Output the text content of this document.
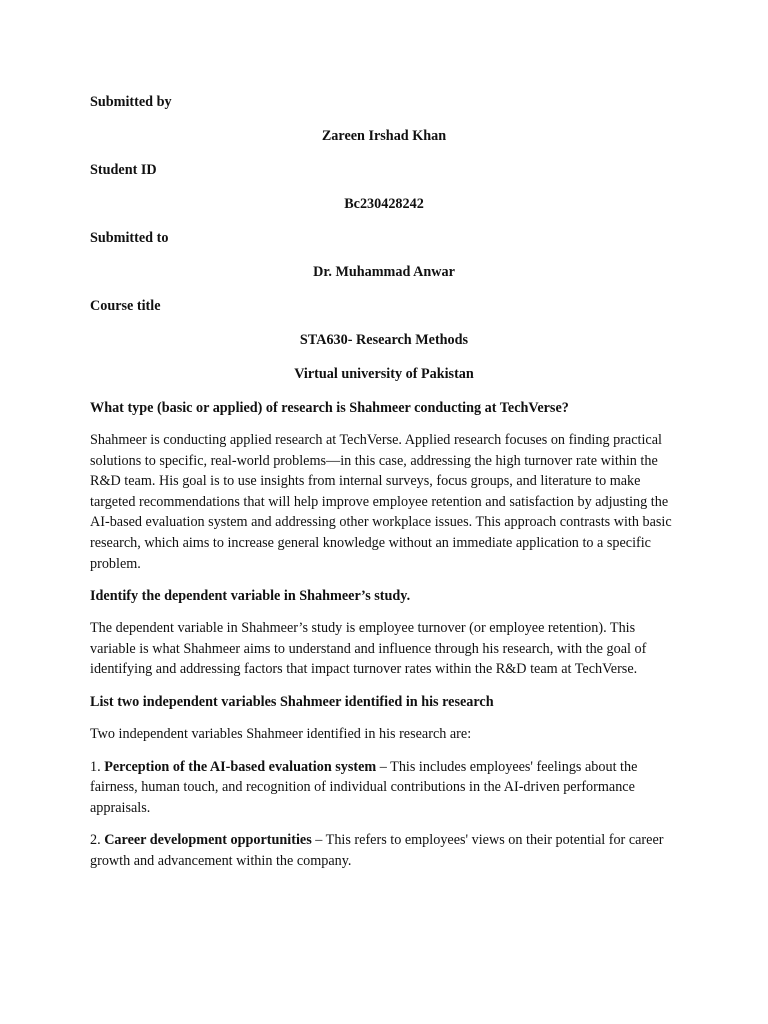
Submitted by
Zareen Irshad Khan
Student ID
Bc230428242
Submitted to
Dr. Muhammad Anwar
Course title
STA630- Research Methods
Virtual university of Pakistan
What type (basic or applied) of research is Shahmeer conducting at TechVerse?
Shahmeer is conducting applied research at TechVerse. Applied research focuses on finding practical solutions to specific, real-world problems—in this case, addressing the high turnover rate within the R&D team. His goal is to use insights from internal surveys, focus groups, and literature to make targeted recommendations that will help improve employee retention and satisfaction by adjusting the AI-based evaluation system and addressing other workplace issues. This approach contrasts with basic research, which aims to increase general knowledge without an immediate application to a specific problem.
Identify the dependent variable in Shahmeer’s study.
The dependent variable in Shahmeer’s study is employee turnover (or employee retention). This variable is what Shahmeer aims to understand and influence through his research, with the goal of identifying and addressing factors that impact turnover rates within the R&D team at TechVerse.
List two independent variables Shahmeer identified in his research
Two independent variables Shahmeer identified in his research are:
1. Perception of the AI-based evaluation system – This includes employees' feelings about the fairness, human touch, and recognition of individual contributions in the AI-driven performance appraisals.
2. Career development opportunities – This refers to employees' views on their potential for career growth and advancement within the company.
